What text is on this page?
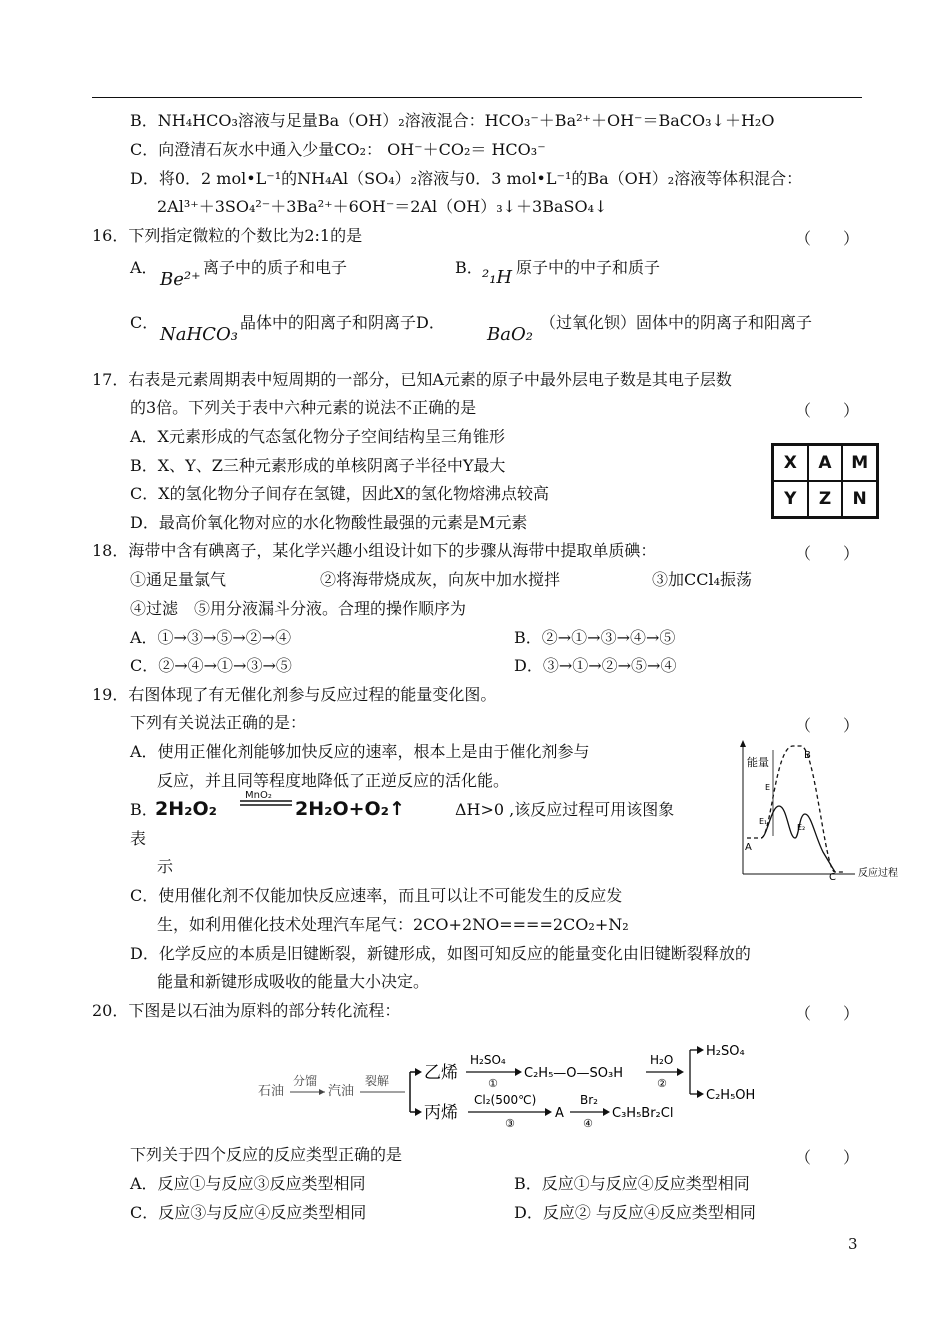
B．NH₄HCO₃溶液与足量Ba（OH）₂溶液混合：HCO₃⁻＋Ba²⁺＋OH⁻＝BaCO₃↓＋H₂O
C．向澄清石灰水中通入少量CO₂： OH⁻＋CO₂＝ HCO₃⁻
D．将0．2 mol•L⁻¹的NH₄Al（SO₄）₂溶液与0．3 mol•L⁻¹的Ba（OH）₂溶液等体积混合：
2Al³⁺＋3SO₄²⁻＋3Ba²⁺＋6OH⁻＝2Al（OH）₃↓＋3BaSO₄↓
16．下列指定微粒的个数比为2:1的是	（　　）
A．
Be²⁺
离子中的质子和电子	B． ²₁H 原子中的中子和质子
C．
NaHCO₃
晶体中的阳离子和阴离子D．
BaO₂
（过氧化钡）固体中的阴离子和阳离子
17．右表是元素周期表中短周期的一部分，已知A元素的原子中最外层电子数是其电子层数
的3倍。下列关于表中六种元素的说法不正确的是	（　　）
A．X元素形成的气态氢化物分子空间结构呈三角锥形
B．X、Y、Z三种元素形成的单核阴离子半径中Y最大
C．X的氢化物分子间存在氢键，因此X的氢化物熔沸点较高
D．最高价氧化物对应的水化物酸性最强的元素是M元素
X	A	M
Y	Z	N
18．海带中含有碘离子，某化学兴趣小组设计如下的步骤从海带中提取单质碘：	（　　）
①通足量氯气	②将海带烧成灰，向灰中加水搅拌	③加CCl₄振荡
④过滤　⑤用分液漏斗分液。合理的操作顺序为
A．①→③→⑤→②→④	B．②→①→③→④→⑤
C．②→④→①→③→⑤	D．③→①→②→⑤→④
19．右图体现了有无催化剂参与反应过程的能量变化图。
下列有关说法正确的是：	（　　）
A．使用正催化剂能够加快反应的速率，根本上是由于催化剂参与
反应，并且同等程度地降低了正逆反应的活化能。
B．
2H₂O₂
MnO₂
2H₂O+O₂↑	ΔH>0 ,该反应过程可用该图象
表
示
C．使用催化剂不仅能加快反应速率，而且可以让不可能发生的反应发
生，如利用催化技术处理汽车尾气：2CO+2NO====2CO₂+N₂
D．化学反应的本质是旧键断裂，新键形成，如图可知反应的能量变化由旧键断裂释放的
能量和新键形成吸收的能量大小决定。
能量
反应过程
A
B
C
E
E₁
E₂
20．下图是以石油为原料的部分转化流程：	（　　）
石油
分馏
汽油
裂解 乙烯
丙烯
H₂SO₄
①
C₂H₅—O—SO₃H
H₂O
②
H₂SO₄
C₂H₅OH
Cl₂(500℃)
③
A
Br₂
④
C₃H₅Br₂Cl
下列关于四个反应的反应类型正确的是	（　　）
A．反应①与反应③反应类型相同	B．反应①与反应④反应类型相同
C．反应③与反应④反应类型相同	D．反应② 与反应④反应类型相同
3
